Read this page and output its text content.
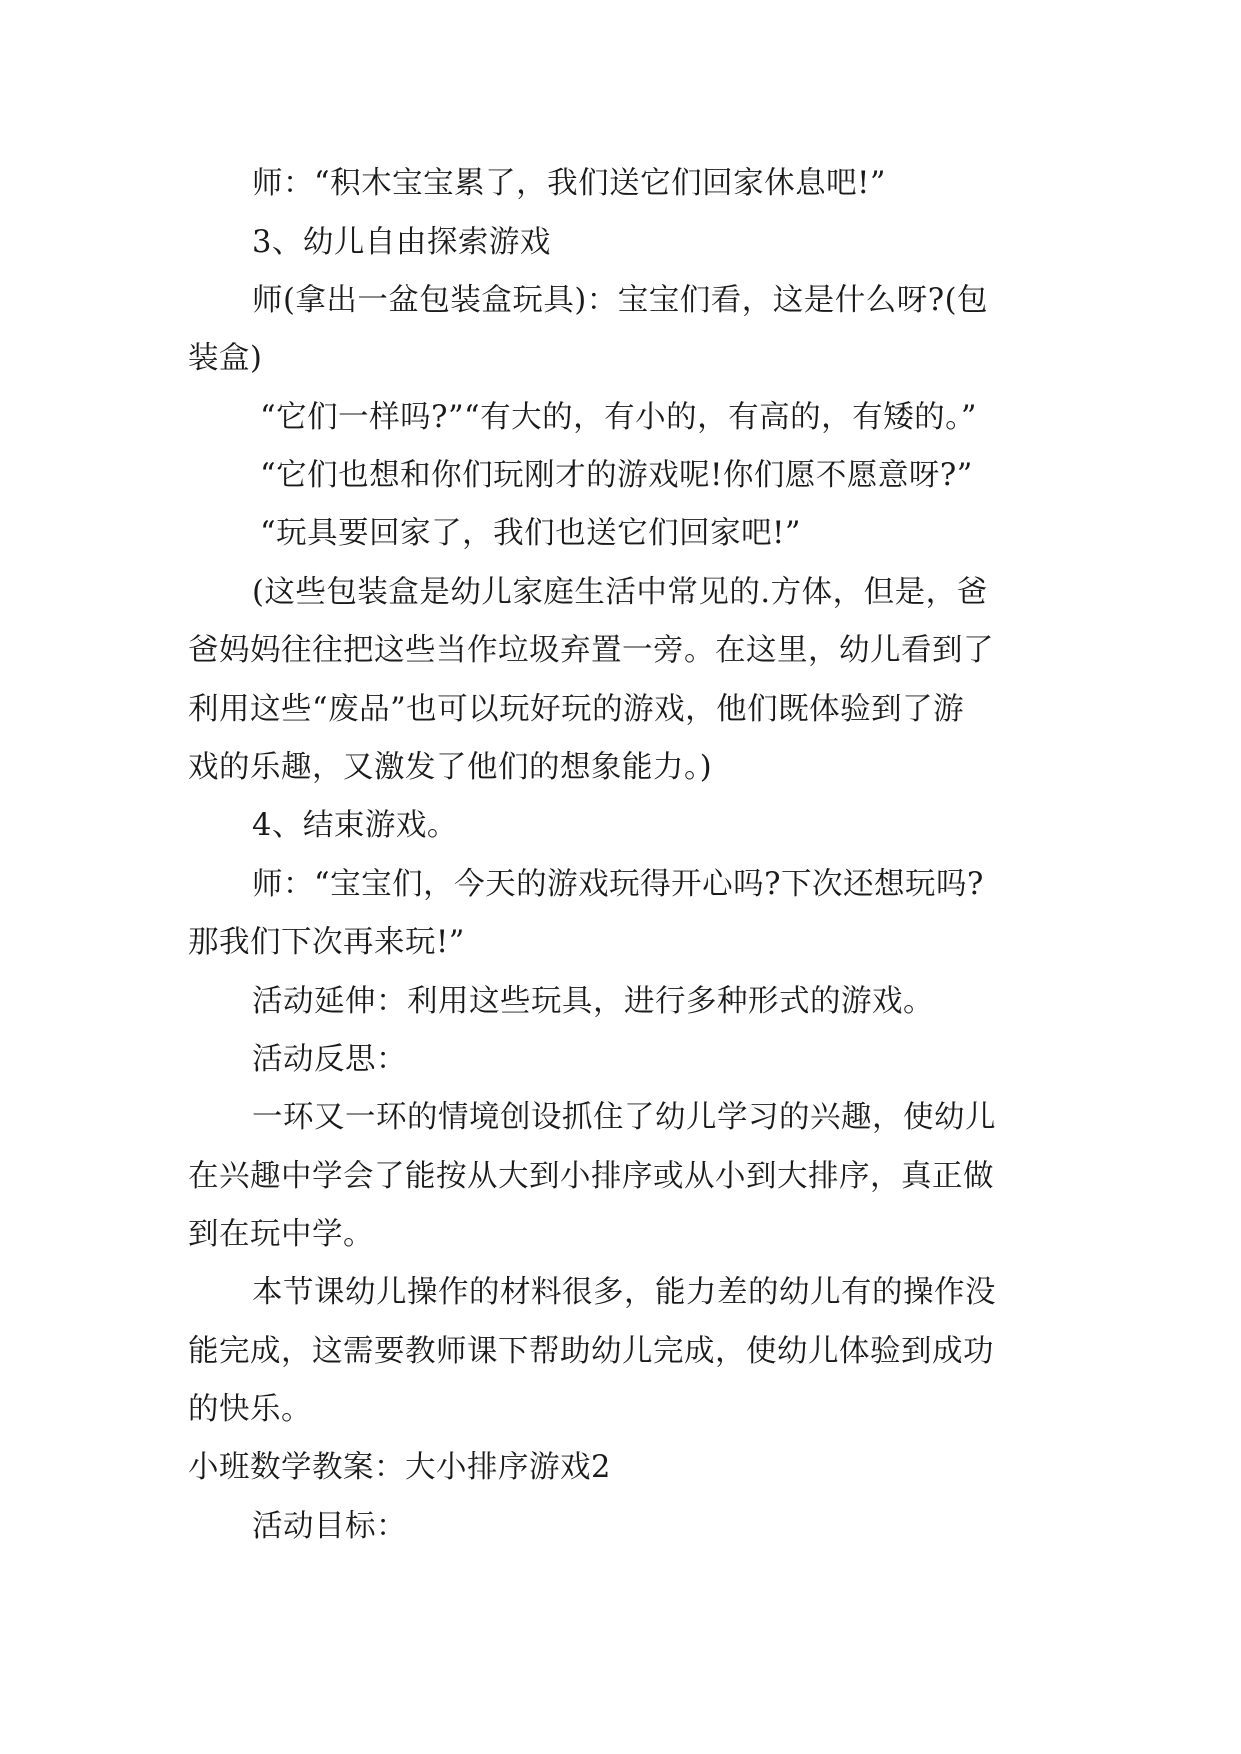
师：“积木宝宝累了，我们送它们回家休息吧!”

3、幼儿自由探索游戏

师(拿出一盆包装盒玩具)：宝宝们看，这是什么呀?(包

装盒)

“它们一样吗?”“有大的，有小的，有高的，有矮的。”

“它们也想和你们玩刚才的游戏呢!你们愿不愿意呀?”

“玩具要回家了，我们也送它们回家吧!”

(这些包装盒是幼儿家庭生活中常见的.方体，但是，爸

爸妈妈往往把这些当作垃圾弃置一旁。在这里，幼儿看到了

利用这些“废品”也可以玩好玩的游戏，他们既体验到了游

戏的乐趣，又激发了他们的想象能力。)

4、结束游戏。

师：“宝宝们，今天的游戏玩得开心吗?下次还想玩吗?

那我们下次再来玩!”

活动延伸：利用这些玩具，进行多种形式的游戏。

活动反思：

一环又一环的情境创设抓住了幼儿学习的兴趣，使幼儿

在兴趣中学会了能按从大到小排序或从小到大排序，真正做

到在玩中学。

本节课幼儿操作的材料很多，能力差的幼儿有的操作没

能完成，这需要教师课下帮助幼儿完成，使幼儿体验到成功

的快乐。

小班数学教案：大小排序游戏2

活动目标：
